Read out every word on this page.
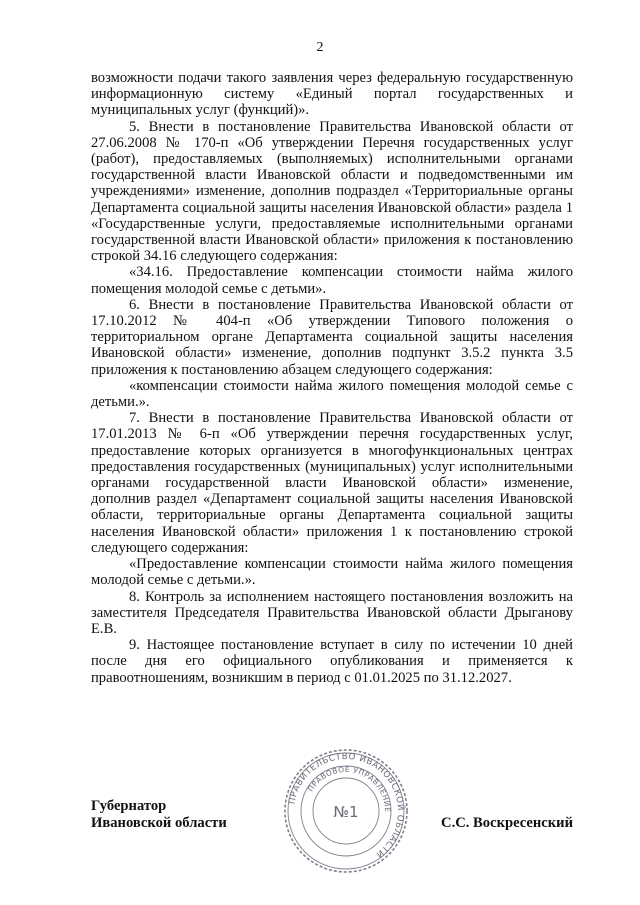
2

возможности подачи такого заявления через федеральную государственную информационную систему «Единый портал государственных и муниципальных услуг (функций)».

5. Внести в постановление Правительства Ивановской области от 27.06.2008 № 170-п «Об утверждении Перечня государственных услуг (работ), предоставляемых (выполняемых) исполнительными органами государственной власти Ивановской области и подведомственными им учреждениями» изменение, дополнив подраздел «Территориальные органы Департамента социальной защиты населения Ивановской области» раздела 1 «Государственные услуги, предоставляемые исполнительными органами государственной власти Ивановской области» приложения к постановлению строкой 34.16 следующего содержания:

«34.16. Предоставление компенсации стоимости найма жилого помещения молодой семье с детьми».

6. Внести в постановление Правительства Ивановской области от 17.10.2012 № 404-п «Об утверждении Типового положения о территориальном органе Департамента социальной защиты населения Ивановской области» изменение, дополнив подпункт 3.5.2 пункта 3.5 приложения к постановлению абзацем следующего содержания:

«компенсации стоимости найма жилого помещения молодой семье с детьми.».

7. Внести в постановление Правительства Ивановской области от 17.01.2013 № 6-п «Об утверждении перечня государственных услуг, предоставление которых организуется в многофункциональных центрах предоставления государственных (муниципальных) услуг исполнительными органами государственной власти Ивановской области» изменение, дополнив раздел «Департамент социальной защиты населения Ивановской области, территориальные органы Департамента социальной защиты населения Ивановской области» приложения 1 к постановлению строкой следующего содержания:

«Предоставление компенсации стоимости найма жилого помещения молодой семье с детьми.».

8. Контроль за исполнением настоящего постановления возложить на заместителя Председателя Правительства Ивановской области Дрыганову Е.В.

9. Настоящее постановление вступает в силу по истечении 10 дней после дня его официального опубликования и применяется к правоотношениям, возникшим в период с 01.01.2025 по 31.12.2027.

Губернатор
Ивановской области	С.С. Воскресенский
ПРАВИТЕЛЬСТВО ИВАНОВСКОЙ ОБЛАСТИ
ПРАВОВОЕ УПРАВЛЕНИЕ
№1
